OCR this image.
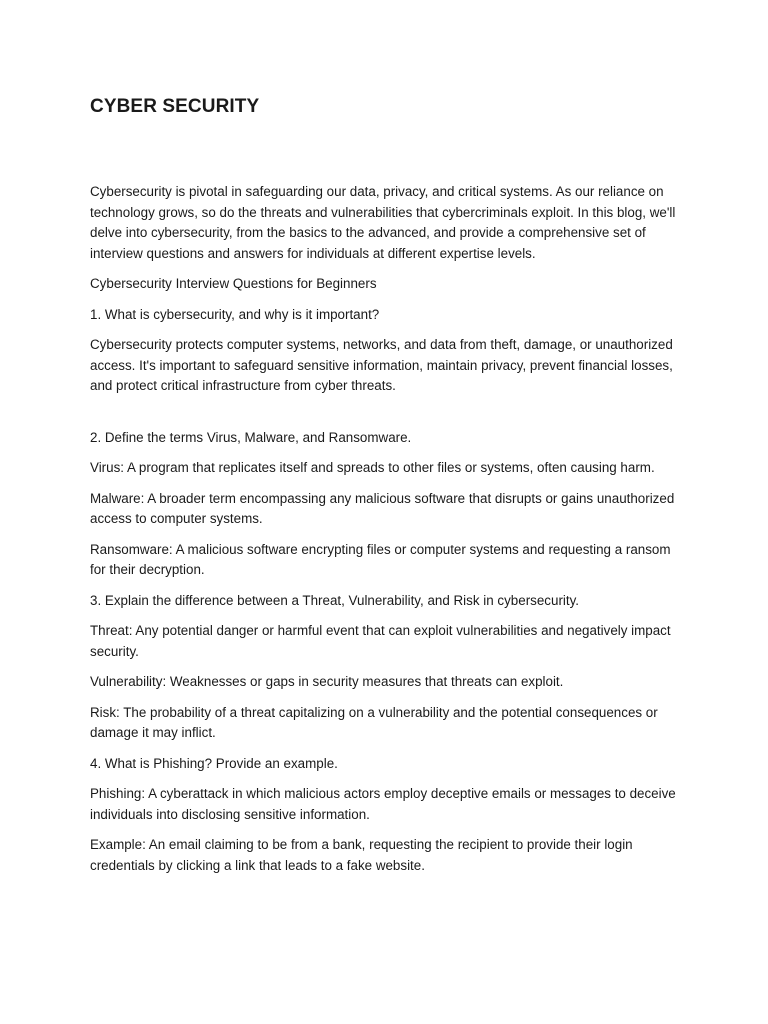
CYBER SECURITY

Cybersecurity is pivotal in safeguarding our data, privacy, and critical systems. As our reliance on technology grows, so do the threats and vulnerabilities that cybercriminals exploit. In this blog, we'll delve into cybersecurity, from the basics to the advanced, and provide a comprehensive set of interview questions and answers for individuals at different expertise levels.

Cybersecurity Interview Questions for Beginners

1. What is cybersecurity, and why is it important?

Cybersecurity protects computer systems, networks, and data from theft, damage, or unauthorized access. It's important to safeguard sensitive information, maintain privacy, prevent financial losses, and protect critical infrastructure from cyber threats.

2. Define the terms Virus, Malware, and Ransomware.

Virus: A program that replicates itself and spreads to other files or systems, often causing harm.

Malware: A broader term encompassing any malicious software that disrupts or gains unauthorized access to computer systems.

Ransomware: A malicious software encrypting files or computer systems and requesting a ransom for their decryption.

3. Explain the difference between a Threat, Vulnerability, and Risk in cybersecurity.

Threat: Any potential danger or harmful event that can exploit vulnerabilities and negatively impact security.

Vulnerability: Weaknesses or gaps in security measures that threats can exploit.

Risk: The probability of a threat capitalizing on a vulnerability and the potential consequences or damage it may inflict.

4. What is Phishing? Provide an example.

Phishing: A cyberattack in which malicious actors employ deceptive emails or messages to deceive individuals into disclosing sensitive information.

Example: An email claiming to be from a bank, requesting the recipient to provide their login credentials by clicking a link that leads to a fake website.
